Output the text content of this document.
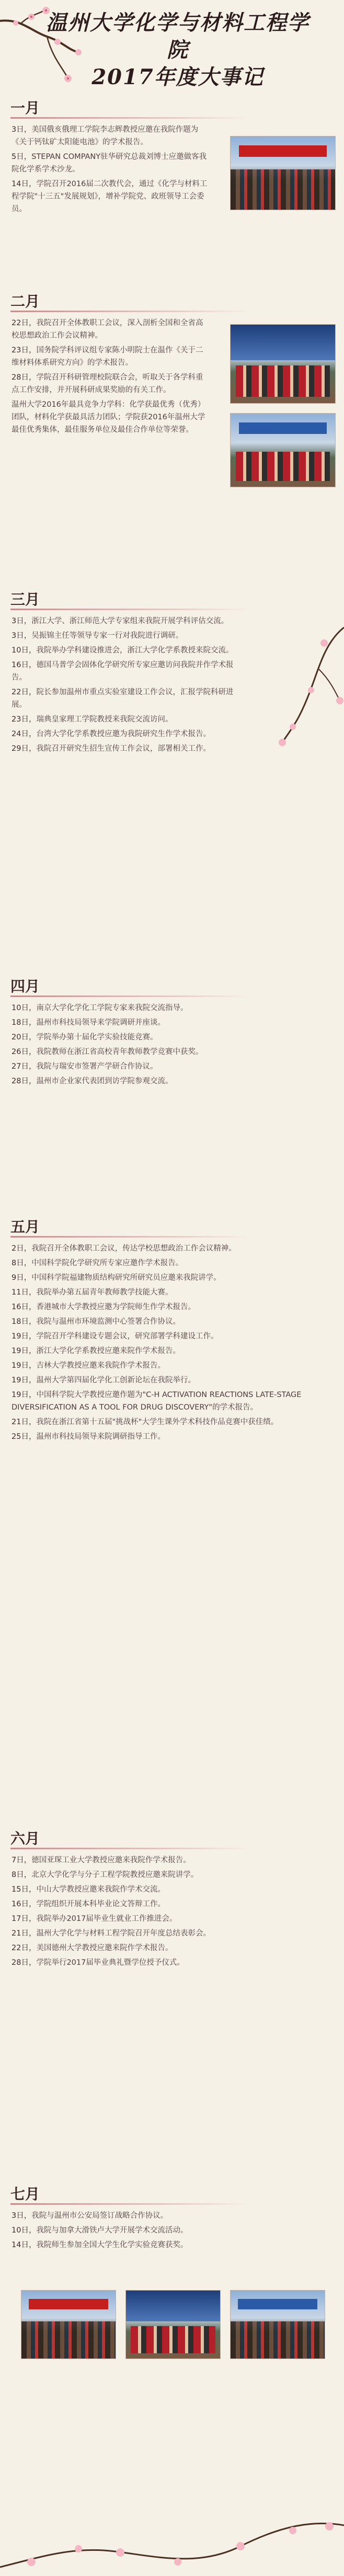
温州大学化学与材料工程学院
2017年度大事记
一月
3日，美国俄亥俄理工学院李志辉教授应邀在我院作题为《关于钙钛矿太阳能电池》的学术报告。
5日，STEPAN COMPANY驻华研究总裁刘博士应邀做客我院化学系学术沙龙。
14日，学院召开2016届二次教代会，通过《化学与材料工程学院"十三五"发展规划》，增补学院党、政班领导工会委员。
二月
22日，我院召开全体教职工会议，深入剖析全国和全省高校思想政治工作会议精神。
23日，国务院学科评议组专家陈小明院士在温作《关于二维材料体系研究方向》的学术报告。
28日，学院召开科研管理校院联合会，听取关于各学科重点工作安排，并开展科研成果奖励的有关工作。
温州大学2016年最具竞争力学科：化学获最优秀（优秀）团队，材料化学获最具活力团队；学院获2016年温州大学最佳优秀集体，最佳服务单位及最佳合作单位等荣誉。
三月
3日，浙江大学、浙江师范大学专家组来我院开展学科评估交流。
3日，吴振锦主任等领导专家一行对我院进行调研。
10日，我院举办学科建设推进会，浙江大学化学系教授来院交流。
16日，德国马普学会固体化学研究所专家应邀访问我院并作学术报告。
22日，院长参加温州市重点实验室建设工作会议，汇报学院科研进展。
23日，瑞典皇家理工学院教授来我院交流访问。
24日，台湾大学化学系教授应邀为我院研究生作学术报告。
29日，我院召开研究生招生宣传工作会议，部署相关工作。
四月
10日，南京大学化学化工学院专家来我院交流指导。
18日，温州市科技局领导来学院调研并座谈。
20日，学院举办第十届化学实验技能竞赛。
26日，我院教师在浙江省高校青年教师教学竞赛中获奖。
27日，我院与瑞安市签署产学研合作协议。
28日，温州市企业家代表团到访学院参观交流。
五月
2日，我院召开全体教职工会议，传达学校思想政治工作会议精神。
8日，中国科学院化学研究所专家应邀作学术报告。
9日，中国科学院福建物质结构研究所研究员应邀来我院讲学。
11日，我院举办第五届青年教师教学技能大赛。
16日，香港城市大学教授应邀为学院师生作学术报告。
18日，我院与温州市环境监测中心签署合作协议。
19日，学院召开学科建设专题会议，研究部署学科建设工作。
19日，浙江大学化学系教授应邀来院作学术报告。
19日，吉林大学教授应邀来我院作学术报告。
19日，温州大学第四届化学化工创新论坛在我院举行。
19日，中国科学院大学教授应邀作题为"C-H ACTIVATION REACTIONS LATE-STAGE DIVERSIFICATION AS A TOOL FOR DRUG DISCOVERY"的学术报告。
21日，我院在浙江省第十五届"挑战杯"大学生课外学术科技作品竞赛中获佳绩。
25日，温州市科技局领导来院调研指导工作。
六月
7日，德国亚琛工业大学教授应邀来我院作学术报告。
8日，北京大学化学与分子工程学院教授应邀来院讲学。
15日，中山大学教授应邀来我院作学术交流。
16日，学院组织开展本科毕业论文答辩工作。
17日，我院举办2017届毕业生就业工作推进会。
21日，温州大学化学与材料工程学院召开年度总结表彰会。
22日，美国德州大学教授应邀来院作学术报告。
28日，学院举行2017届毕业典礼暨学位授予仪式。
七月
3日，我院与温州市公安局签订战略合作协议。
10日，我院与加拿大滑铁卢大学开展学术交流活动。
14日，我院师生参加全国大学生化学实验竞赛获奖。
